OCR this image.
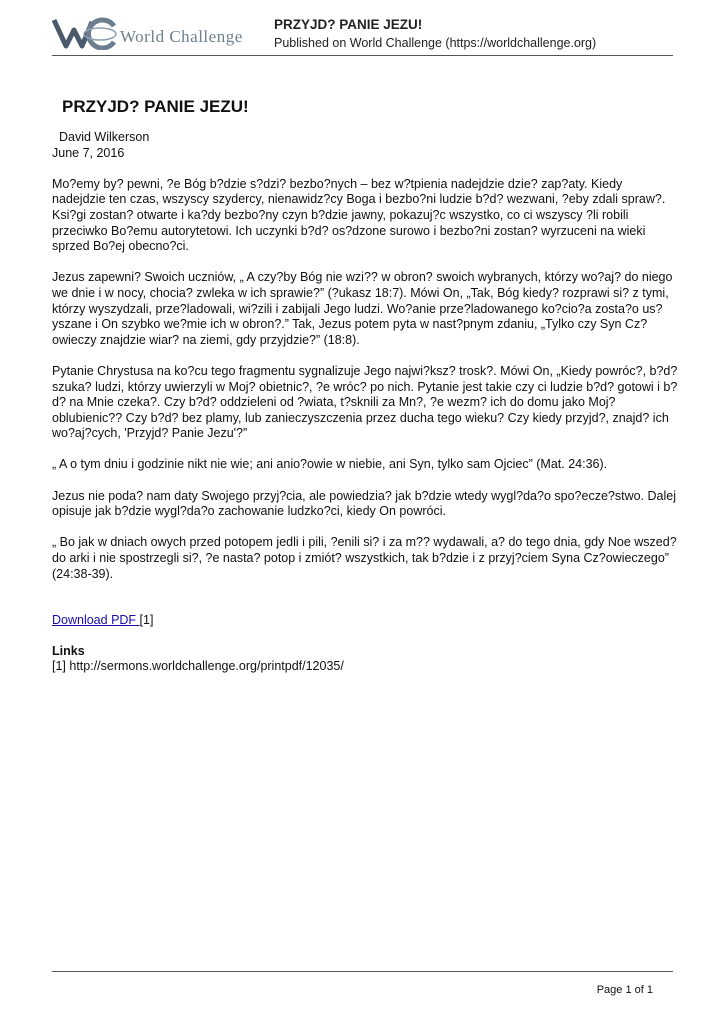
World Challenge
PRZYJD? PANIE JEZU!
Published on World Challenge (https://worldchallenge.org)
PRZYJD? PANIE JEZU!
David Wilkerson
June 7, 2016

Mo?emy by? pewni, ?e Bóg b?dzie s?dzi? bezbo?nych – bez w?tpienia nadejdzie dzie? zap?aty. Kiedy nadejdzie ten czas, wszyscy szydercy, nienawidz?cy Boga i bezbo?ni ludzie b?d? wezwani, ?eby zdali spraw?. Ksi?gi zostan? otwarte i ka?dy bezbo?ny czyn b?dzie jawny, pokazuj?c wszystko, co ci wszyscy ?li robili przeciwko Bo?emu autorytetowi. Ich uczynki b?d? os?dzone surowo i bezbo?ni zostan? wyrzuceni na wieki sprzed Bo?ej obecno?ci.

Jezus zapewni? Swoich uczniów, „ A czy?by Bóg nie wzi?? w obron? swoich wybranych, którzy wo?aj? do niego we dnie i w nocy, chocia? zwleka w ich sprawie?” (?ukasz 18:7). Mówi On, „Tak, Bóg kiedy? rozprawi si? z tymi, którzy wyszydzali, prze?ladowali, wi?zili i zabijali Jego ludzi. Wo?anie prze?ladowanego ko?cio?a zosta?o us?yszane i On szybko we?mie ich w obron?.” Tak, Jezus potem pyta w nast?pnym zdaniu, „Tylko czy Syn Cz?owieczy znajdzie wiar? na ziemi, gdy przyjdzie?” (18:8).

Pytanie Chrystusa na ko?cu tego fragmentu sygnalizuje Jego najwi?ksz? trosk?. Mówi On, „Kiedy powróc?, b?d? szuka? ludzi, którzy uwierzyli w Moj? obietnic?, ?e wróc? po nich. Pytanie jest takie czy ci ludzie b?d? gotowi i b?d? na Mnie czeka?. Czy b?d? oddzieleni od ?wiata, t?sknili za Mn?, ?e wezm? ich do domu jako Moj? oblubienic?? Czy b?d? bez plamy, lub zanieczyszczenia przez ducha tego wieku? Czy kiedy przyjd?, znajd? ich wo?aj?cych, 'Przyjd? Panie Jezu'?”

„ A o tym dniu i godzinie nikt nie wie; ani anio?owie w niebie, ani Syn, tylko sam Ojciec” (Mat. 24:36).

Jezus nie poda? nam daty Swojego przyj?cia, ale powiedzia? jak b?dzie wtedy wygl?da?o spo?ecze?stwo. Dalej opisuje jak b?dzie wygl?da?o zachowanie ludzko?ci, kiedy On powróci.

„ Bo jak w dniach owych przed potopem jedli i pili, ?enili si? i za m?? wydawali, a? do tego dnia, gdy Noe wszed? do arki i nie spostrzegli si?, ?e nasta? potop i zmiót? wszystkich, tak b?dzie i z przyj?ciem Syna Cz?owieczego” (24:38-39).

Download PDF [1]
Links
[1] http://sermons.worldchallenge.org/printpdf/12035/
Page 1 of 1
